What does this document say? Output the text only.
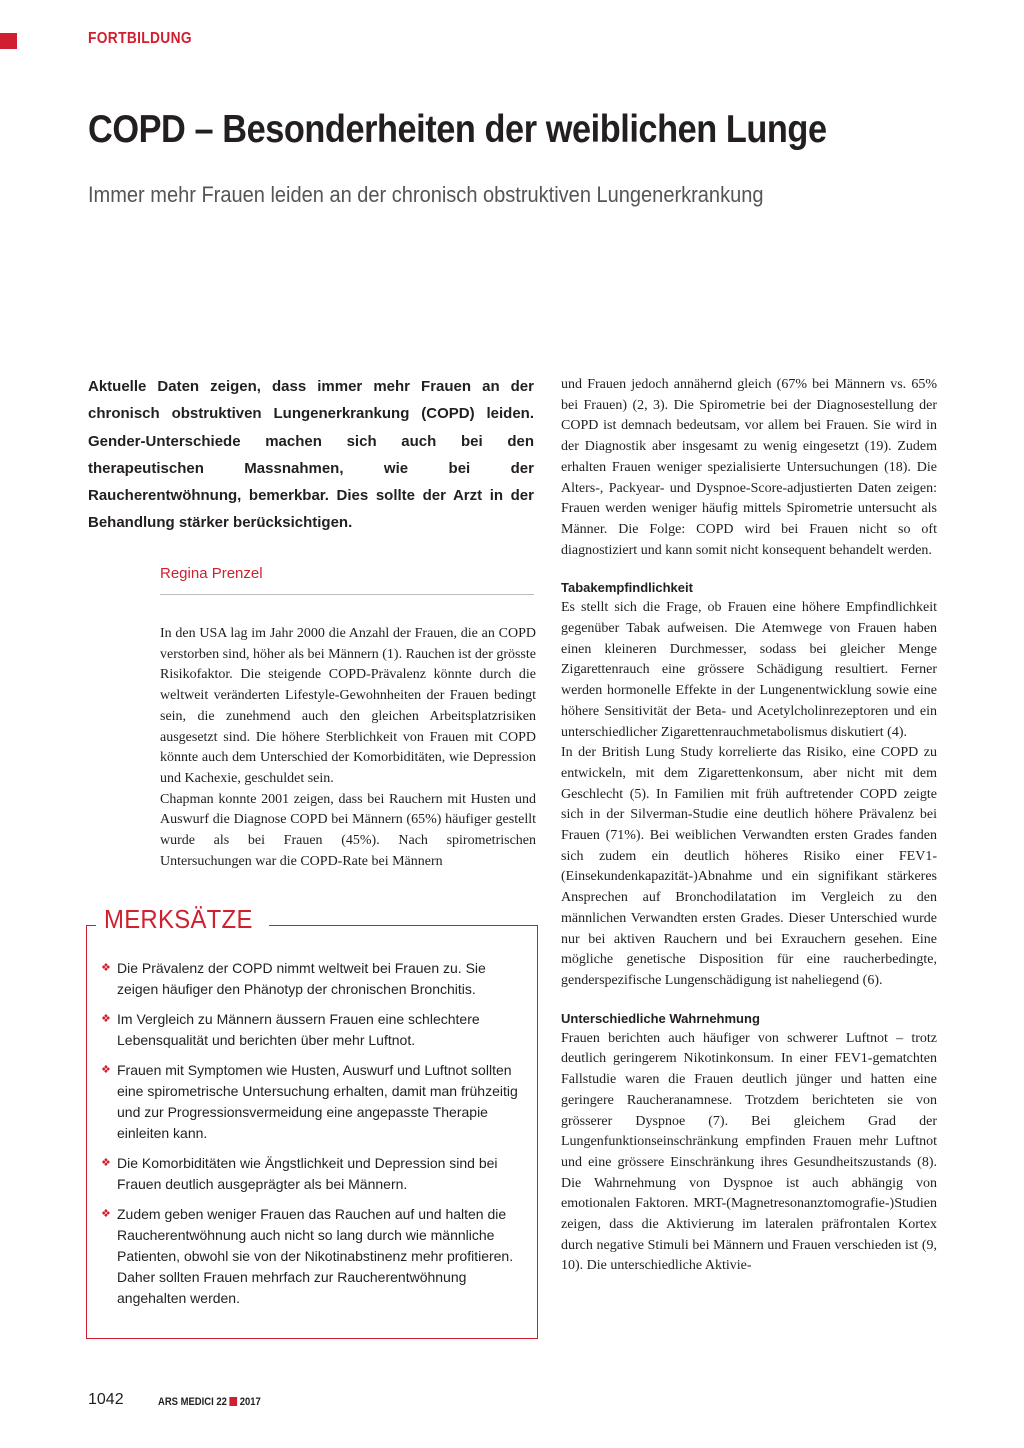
FORTBILDUNG
COPD – Besonderheiten der weiblichen Lunge
Immer mehr Frauen leiden an der chronisch obstruktiven Lungenerkrankung

Aktuelle Daten zeigen, dass immer mehr Frauen an der chronisch obstruktiven Lungenerkrankung (COPD) leiden. Gender-Unterschiede machen sich auch bei den therapeutischen Massnahmen, wie bei der Raucherentwöhnung, bemerkbar. Dies sollte der Arzt in der Behandlung stärker berücksichtigen.

Regina Prenzel

In den USA lag im Jahr 2000 die Anzahl der Frauen, die an COPD verstorben sind, höher als bei Männern (1). Rauchen ist der grösste Risikofaktor. Die steigende COPD-Prävalenz könnte durch die weltweit veränderten Lifestyle-Gewohnheiten der Frauen bedingt sein, die zunehmend auch den gleichen Arbeitsplatzrisiken ausgesetzt sind. Die höhere Sterblichkeit von Frauen mit COPD könnte auch dem Unterschied der Komorbiditäten, wie Depression und Kachexie, geschuldet sein.

Chapman konnte 2001 zeigen, dass bei Rauchern mit Husten und Auswurf die Diagnose COPD bei Männern (65%) häufiger gestellt wurde als bei Frauen (45%). Nach spirometrischen Untersuchungen war die COPD-Rate bei Männern

MERKSÄTZE
❖ Die Prävalenz der COPD nimmt weltweit bei Frauen zu. Sie zeigen häufiger den Phänotyp der chronischen Bronchitis.
❖ Im Vergleich zu Männern äussern Frauen eine schlechtere Lebensqualität und berichten über mehr Luftnot.
❖ Frauen mit Symptomen wie Husten, Auswurf und Luftnot sollten eine spirometrische Untersuchung erhalten, damit man frühzeitig und zur Progressionsvermeidung eine angepasste Therapie einleiten kann.
❖ Die Komorbiditäten wie Ängstlichkeit und Depression sind bei Frauen deutlich ausgeprägter als bei Männern.
❖ Zudem geben weniger Frauen das Rauchen auf und halten die Raucherentwöhnung auch nicht so lang durch wie männliche Patienten, obwohl sie von der Nikotinabstinenz mehr profitieren. Daher sollten Frauen mehrfach zur Raucherentwöhnung angehalten werden.

und Frauen jedoch annähernd gleich (67% bei Männern vs. 65% bei Frauen) (2, 3). Die Spirometrie bei der Diagnosestellung der COPD ist demnach bedeutsam, vor allem bei Frauen. Sie wird in der Diagnostik aber insgesamt zu wenig eingesetzt (19). Zudem erhalten Frauen weniger spezialisierte Untersuchungen (18). Die Alters-, Packyear- und Dyspnoe-Score-adjustierten Daten zeigen: Frauen werden weniger häufig mittels Spirometrie untersucht als Männer. Die Folge: COPD wird bei Frauen nicht so oft diagnostiziert und kann somit nicht konsequent behandelt werden.

Tabakempfindlichkeit

Es stellt sich die Frage, ob Frauen eine höhere Empfindlichkeit gegenüber Tabak aufweisen. Die Atemwege von Frauen haben einen kleineren Durchmesser, sodass bei gleicher Menge Zigarettenrauch eine grössere Schädigung resultiert. Ferner werden hormonelle Effekte in der Lungenentwicklung sowie eine höhere Sensitivität der Beta- und Acetylcholinrezeptoren und ein unterschiedlicher Zigarettenrauchmetabolismus diskutiert (4).

In der British Lung Study korrelierte das Risiko, eine COPD zu entwickeln, mit dem Zigarettenkonsum, aber nicht mit dem Geschlecht (5). In Familien mit früh auftretender COPD zeigte sich in der Silverman-Studie eine deutlich höhere Prävalenz bei Frauen (71%). Bei weiblichen Verwandten ersten Grades fanden sich zudem ein deutlich höheres Risiko einer FEV1-(Einsekundenkapazität-)Abnahme und ein signifikant stärkeres Ansprechen auf Bronchodilatation im Vergleich zu den männlichen Verwandten ersten Grades. Dieser Unterschied wurde nur bei aktiven Rauchern und bei Exrauchern gesehen. Eine mögliche genetische Disposition für eine raucherbedingte, genderspezifische Lungenschädigung ist naheliegend (6).

Unterschiedliche Wahrnehmung

Frauen berichten auch häufiger von schwerer Luftnot – trotz deutlich geringerem Nikotinkonsum. In einer FEV1-gematchten Fallstudie waren die Frauen deutlich jünger und hatten eine geringere Raucheranamnese. Trotzdem berichteten sie von grösserer Dyspnoe (7). Bei gleichem Grad der Lungenfunktionseinschränkung empfinden Frauen mehr Luftnot und eine grössere Einschränkung ihres Gesundheitszustands (8). Die Wahrnehmung von Dyspnoe ist auch abhängig von emotionalen Faktoren. MRT-(Magnetresonanztomografie-)Studien zeigen, dass die Aktivierung im lateralen präfrontalen Kortex durch negative Stimuli bei Männern und Frauen verschieden ist (9, 10). Die unterschiedliche Aktivie-

1042	ARS MEDICI 22 2017
